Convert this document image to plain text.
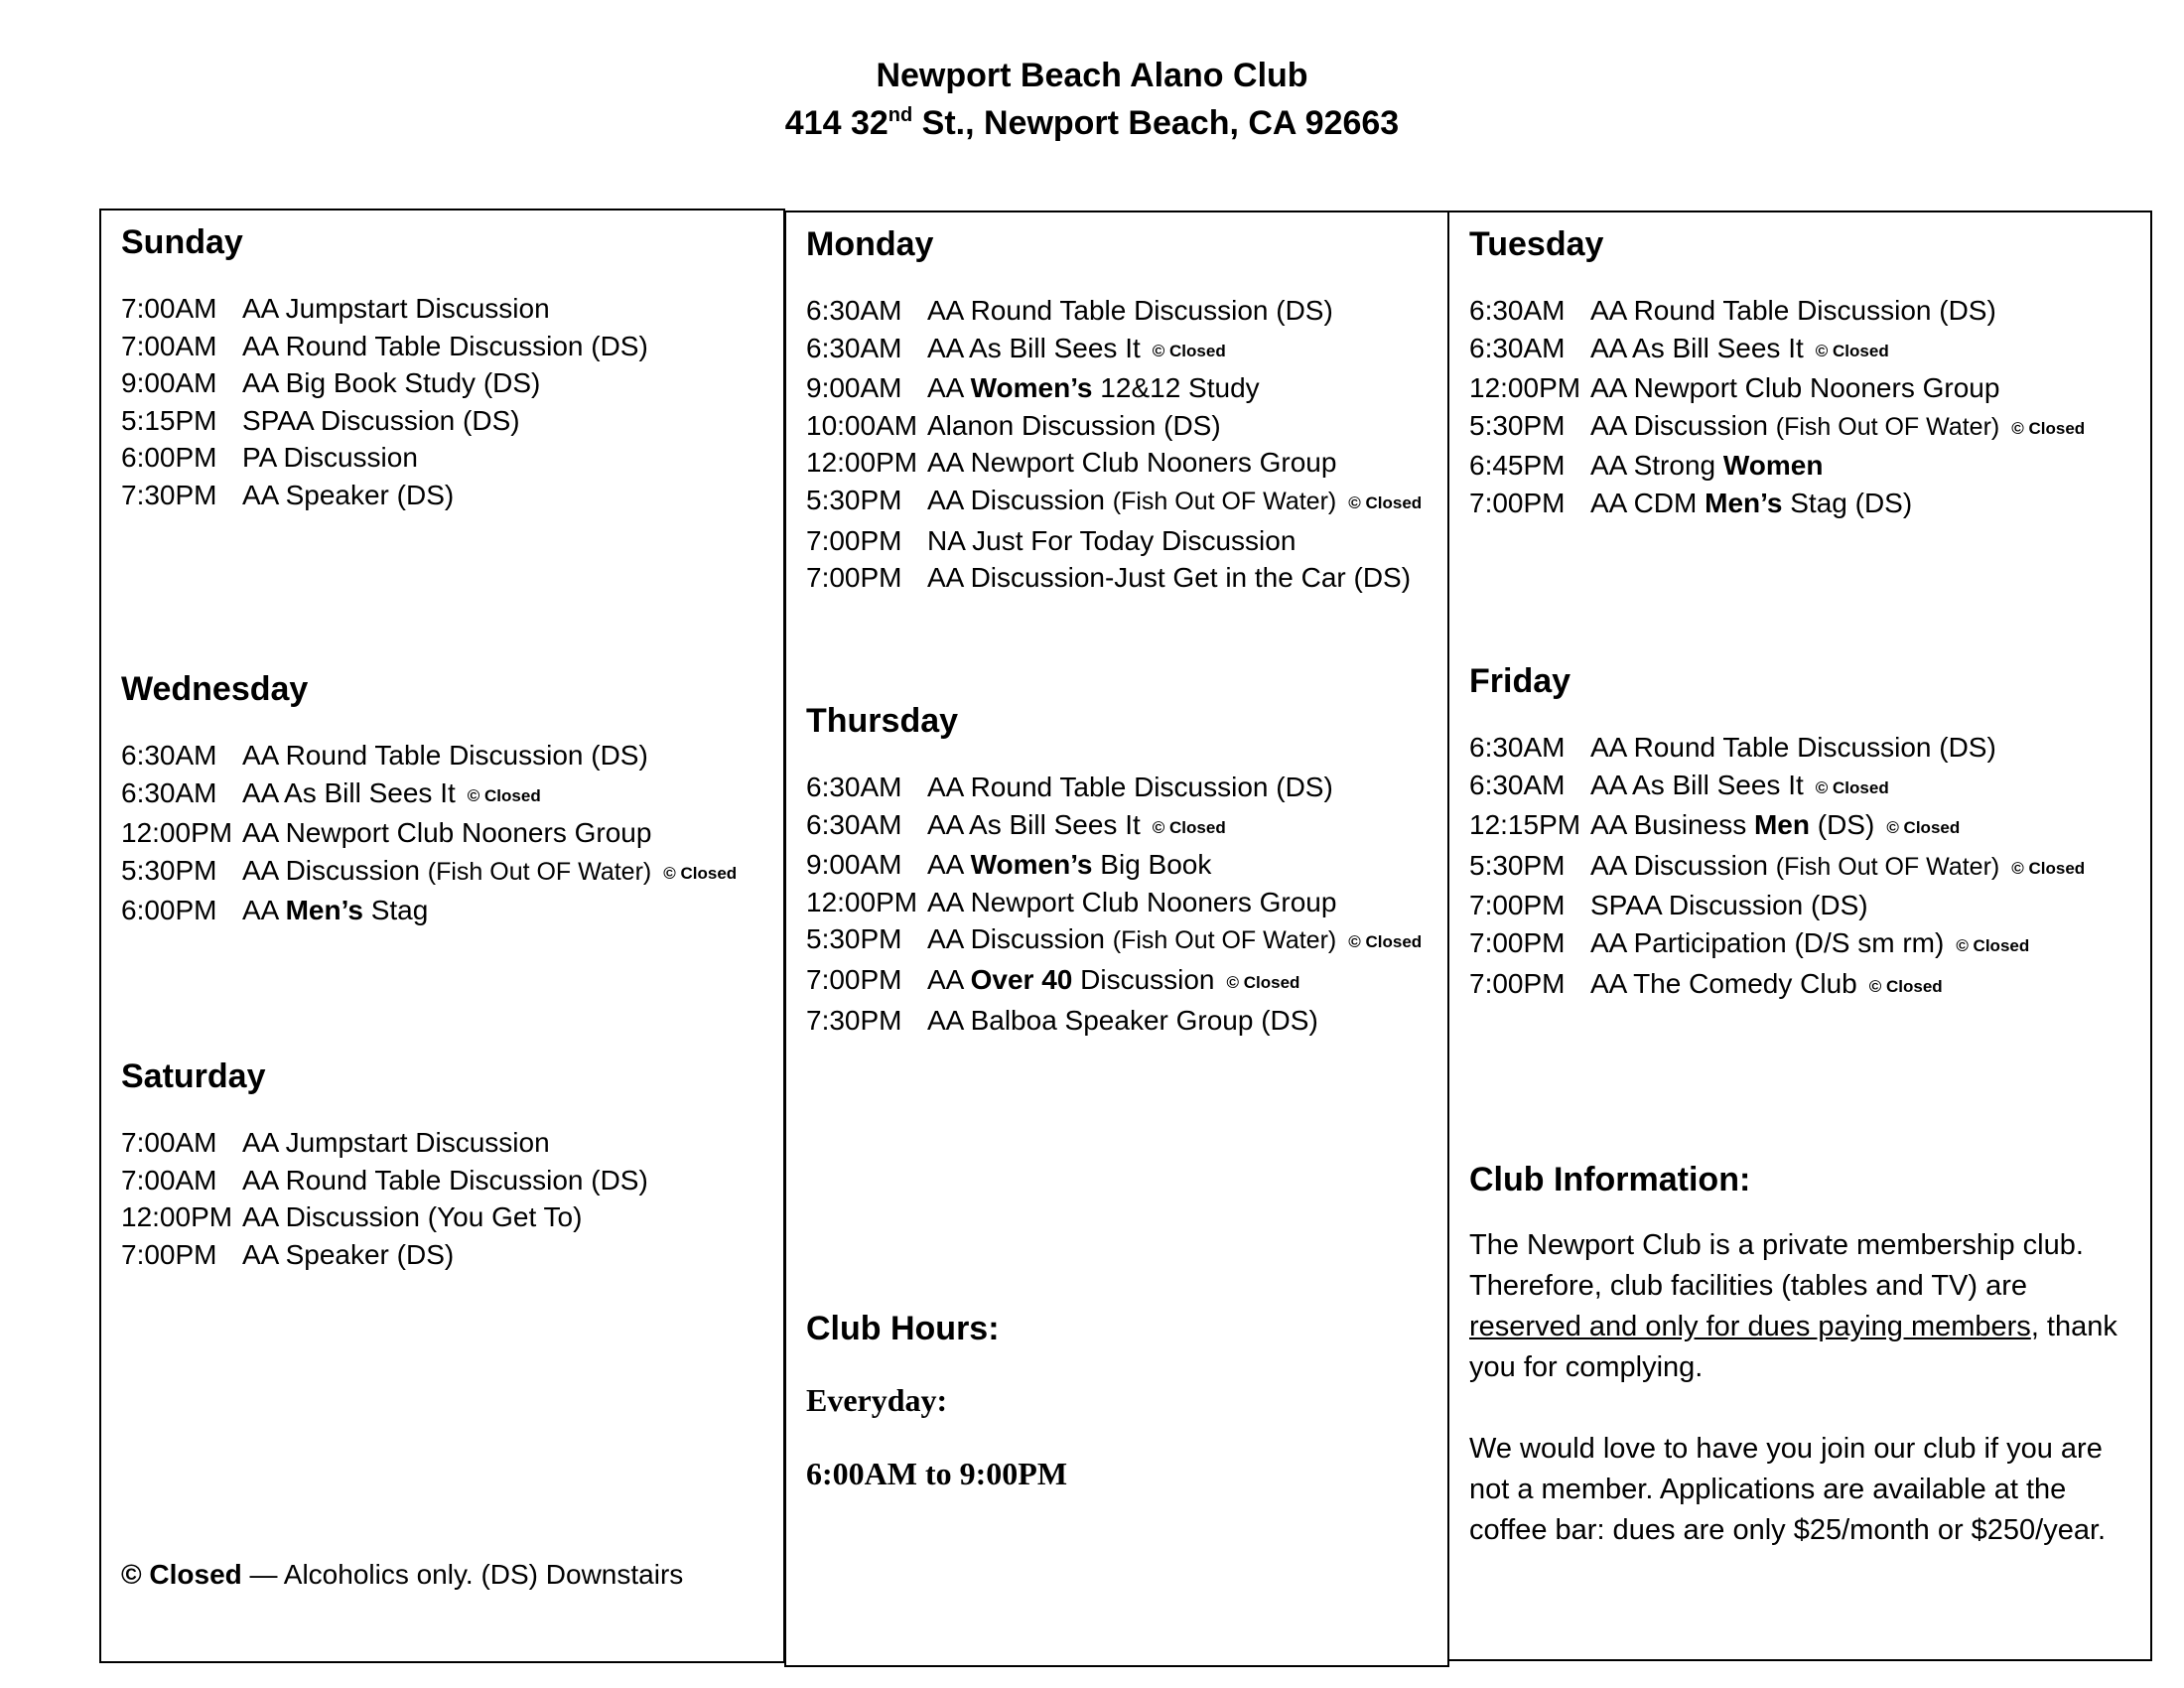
Newport Beach Alano Club
414 32nd St., Newport Beach, CA 92663
Sunday
7:00AM AA Jumpstart Discussion
7:00AM AA Round Table Discussion (DS)
9:00AM AA Big Book Study (DS)
5:15PM SPAA Discussion (DS)
6:00PM PA Discussion
7:30PM AA Speaker (DS)
Wednesday
6:30AM AA Round Table Discussion (DS)
6:30AM AA As Bill Sees It © Closed
12:00PM AA Newport Club Nooners Group
5:30PM AA Discussion (Fish Out OF Water) © Closed
6:00PM AA Men’s Stag
Saturday
7:00AM AA Jumpstart Discussion
7:00AM AA Round Table Discussion (DS)
12:00PM AA Discussion (You Get To)
7:00PM AA Speaker (DS)
© Closed — Alcoholics only. (DS) Downstairs
Monday
6:30AM AA Round Table Discussion (DS)
6:30AM AA As Bill Sees It © Closed
9:00AM AA Women’s 12&12 Study
10:00AM Alanon Discussion (DS)
12:00PM AA Newport Club Nooners Group
5:30PM AA Discussion (Fish Out OF Water) © Closed
7:00PM NA Just For Today Discussion
7:00PM AA Discussion-Just Get in the Car (DS)
Thursday
6:30AM AA Round Table Discussion (DS)
6:30AM AA As Bill Sees It © Closed
9:00AM AA Women’s Big Book
12:00PM AA Newport Club Nooners Group
5:30PM AA Discussion (Fish Out OF Water) © Closed
7:00PM AA Over 40 Discussion © Closed
7:30PM AA Balboa Speaker Group (DS)
Club Hours:
Everyday:
6:00AM to 9:00PM
Tuesday
6:30AM AA Round Table Discussion (DS)
6:30AM AA As Bill Sees It © Closed
12:00PM AA Newport Club Nooners Group
5:30PM AA Discussion (Fish Out OF Water) © Closed
6:45PM AA Strong Women
7:00PM AA CDM Men’s Stag (DS)
Friday
6:30AM AA Round Table Discussion (DS)
6:30AM AA As Bill Sees It © Closed
12:15PM AA Business Men (DS) © Closed
5:30PM AA Discussion (Fish Out OF Water) © Closed
7:00PM SPAA Discussion (DS)
7:00PM AA Participation (D/S sm rm) © Closed
7:00PM AA The Comedy Club © Closed
Club Information:

The Newport Club is a private membership club. Therefore, club facilities (tables and TV) are reserved and only for dues paying members, thank you for complying.

We would love to have you join our club if you are not a member. Applications are available at the coffee bar: dues are only $25/month or $250/year.
